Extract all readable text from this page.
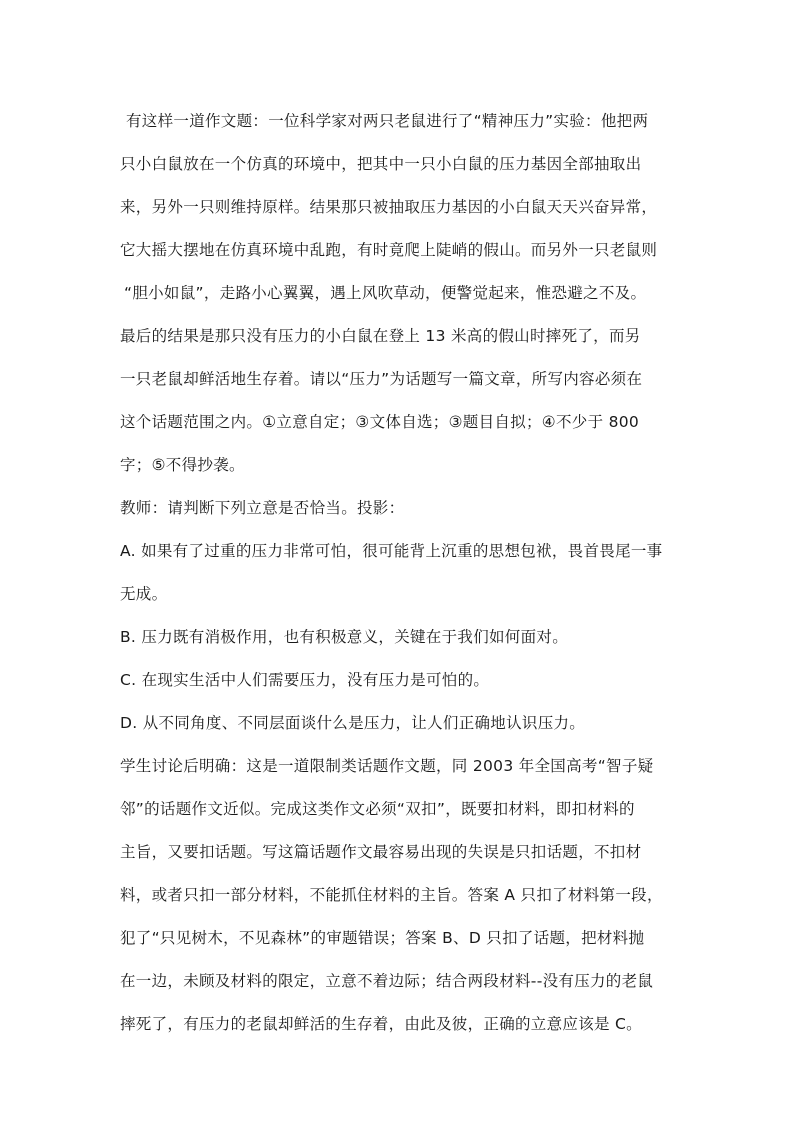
有这样一道作文题：一位科学家对两只老鼠进行了“精神压力”实验：他把两
只小白鼠放在一个仿真的环境中，把其中一只小白鼠的压力基因全部抽取出
来，另外一只则维持原样。结果那只被抽取压力基因的小白鼠天天兴奋异常，
它大摇大摆地在仿真环境中乱跑，有时竟爬上陡峭的假山。而另外一只老鼠则
“胆小如鼠”，走路小心翼翼，遇上风吹草动，便警觉起来，惟恐避之不及。
最后的结果是那只没有压力的小白鼠在登上 13 米高的假山时摔死了，而另
一只老鼠却鲜活地生存着。请以“压力”为话题写一篇文章，所写内容必须在
这个话题范围之内。①立意自定；③文体自选；③题目自拟；④不少于 800
字；⑤不得抄袭。
教师：请判断下列立意是否恰当。投影：
A. 如果有了过重的压力非常可怕，很可能背上沉重的思想包袱，畏首畏尾一事
无成。
B. 压力既有消极作用，也有积极意义，关键在于我们如何面对。
C. 在现实生活中人们需要压力，没有压力是可怕的。
D. 从不同角度、不同层面谈什么是压力，让人们正确地认识压力。
学生讨论后明确：这是一道限制类话题作文题，同 2003 年全国高考“智子疑
邻”的话题作文近似。完成这类作文必须“双扣”，既要扣材料，即扣材料的
主旨，又要扣话题。写这篇话题作文最容易出现的失误是只扣话题，不扣材
料，或者只扣一部分材料，不能抓住材料的主旨。答案 A 只扣了材料第一段，
犯了“只见树木，不见森林”的审题错误；答案 B、D 只扣了话题，把材料抛
在一边，未顾及材料的限定，立意不着边际；结合两段材料--没有压力的老鼠
摔死了，有压力的老鼠却鲜活的生存着，由此及彼，正确的立意应该是 C。
